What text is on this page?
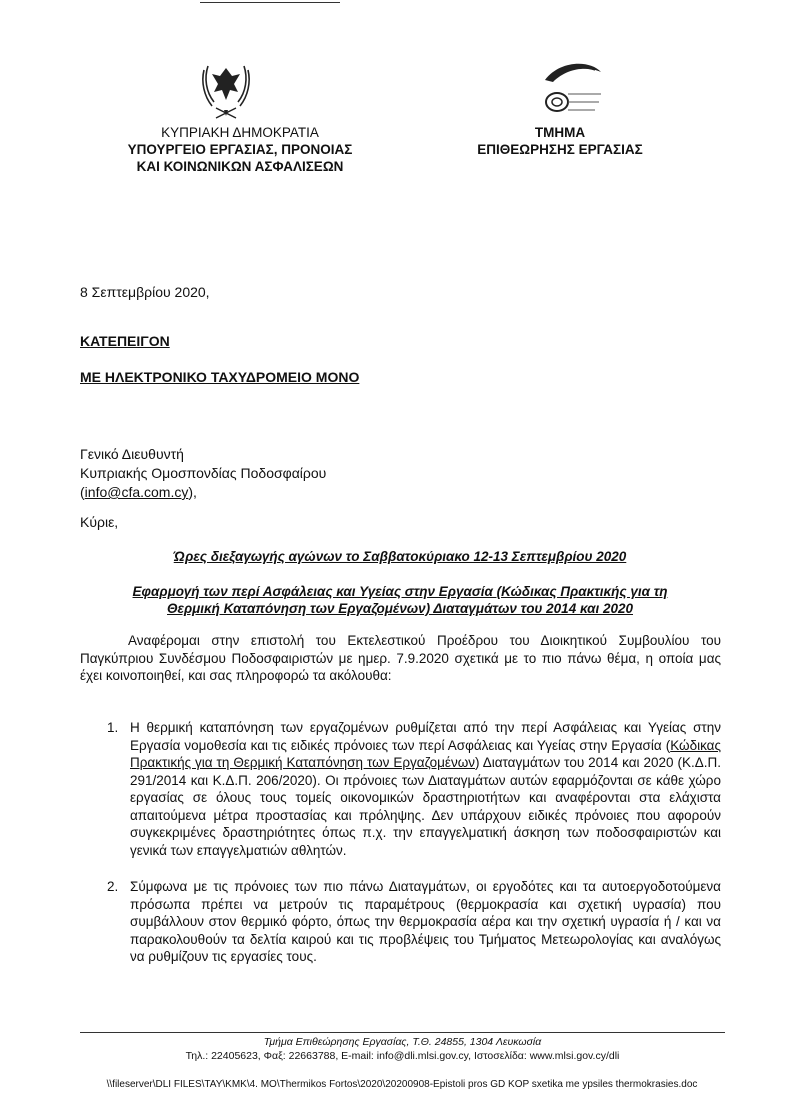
ΚΥΠΡΙΑΚΗ ΔΗΜΟΚΡΑΤΙΑ
ΥΠΟΥΡΓΕΙΟ ΕΡΓΑΣΙΑΣ, ΠΡΟΝΟΙΑΣ
ΚΑΙ ΚΟΙΝΩΝΙΚΩΝ ΑΣΦΑΛΙΣΕΩΝ
ΤΜΗΜΑ
ΕΠΙΘΕΩΡΗΣΗΣ ΕΡΓΑΣΙΑΣ
8 Σεπτεμβρίου 2020,
ΚΑΤΕΠΕΙΓΟΝ
ΜΕ ΗΛΕΚΤΡΟΝΙΚΟ ΤΑΧΥΔΡΟΜΕΙΟ ΜΟΝΟ
Γενικό Διευθυντή
Κυπριακής Ομοσπονδίας Ποδοσφαίρου
(info@cfa.com.cy),
Κύριε,
Ώρες διεξαγωγής αγώνων το Σαββατοκύριακο 12-13 Σεπτεμβρίου 2020
Εφαρμογή των περί Ασφάλειας και Υγείας στην Εργασία (Κώδικας Πρακτικής για τη
Θερμική Καταπόνηση των Εργαζομένων) Διαταγμάτων του 2014 και 2020
Αναφέρομαι στην επιστολή του Εκτελεστικού Προέδρου του Διοικητικού Συμβουλίου του Παγκύπριου Συνδέσμου Ποδοσφαιριστών με ημερ. 7.9.2020 σχετικά με το πιο πάνω θέμα, η οποία μας έχει κοινοποιηθεί, και σας πληροφορώ τα ακόλουθα:
1. Η θερμική καταπόνηση των εργαζομένων ρυθμίζεται από την περί Ασφάλειας και Υγείας στην Εργασία νομοθεσία και τις ειδικές πρόνοιες των περί Ασφάλειας και Υγείας στην Εργασία (Κώδικας Πρακτικής για τη Θερμική Καταπόνηση των Εργαζομένων) Διαταγμάτων του 2014 και 2020 (Κ.Δ.Π. 291/2014 και Κ.Δ.Π. 206/2020). Οι πρόνοιες των Διαταγμάτων αυτών εφαρμόζονται σε κάθε χώρο εργασίας σε όλους τους τομείς οικονομικών δραστηριοτήτων και αναφέρονται στα ελάχιστα απαιτούμενα μέτρα προστασίας και πρόληψης. Δεν υπάρχουν ειδικές πρόνοιες που αφορούν συγκεκριμένες δραστηριότητες όπως π.χ. την επαγγελματική άσκηση των ποδοσφαιριστών και γενικά των επαγγελματιών αθλητών.
2. Σύμφωνα με τις πρόνοιες των πιο πάνω Διαταγμάτων, οι εργοδότες και τα αυτοεργοδοτούμενα πρόσωπα πρέπει να μετρούν τις παραμέτρους (θερμοκρασία και σχετική υγρασία) που συμβάλλουν στον θερμικό φόρτο, όπως την θερμοκρασία αέρα και την σχετική υγρασία ή / και να παρακολουθούν τα δελτία καιρού και τις προβλέψεις του Τμήματος Μετεωρολογίας και αναλόγως να ρυθμίζουν τις εργασίες τους.
Τμήμα Επιθεώρησης Εργασίας, Τ.Θ. 24855, 1304 Λευκωσία
Τηλ.: 22405623, Φαξ: 22663788, E-mail: info@dli.mlsi.gov.cy, Ιστοσελίδα: www.mlsi.gov.cy/dli
\\fileserver\DLI FILES\TAY\KMK\4. MO\Thermikos Fortos\2020\20200908-Epistoli pros GD KOP sxetika me ypsiles thermokrasies.doc
